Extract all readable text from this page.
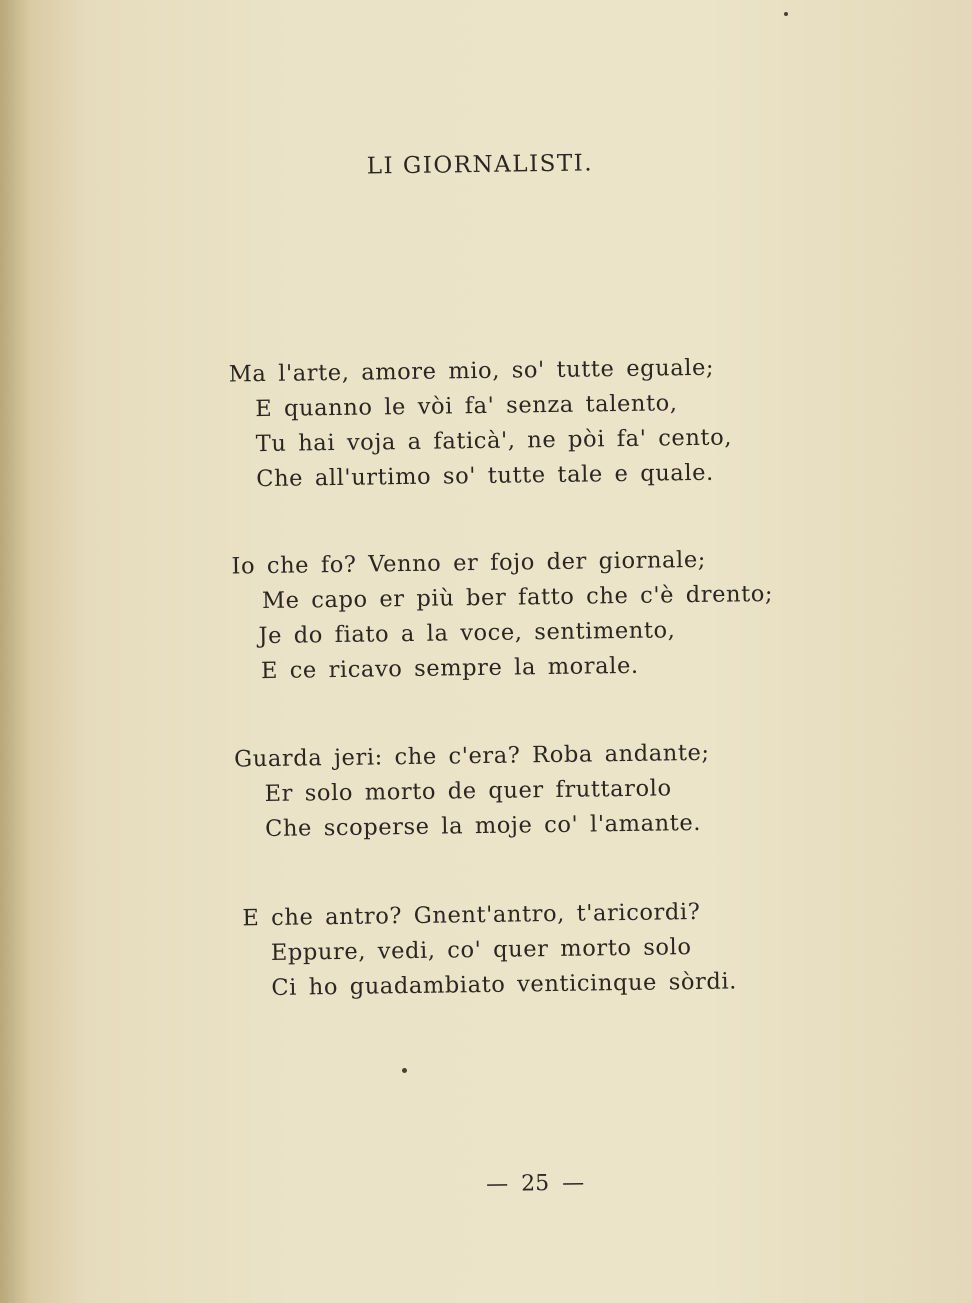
LI GIORNALISTI.
Ma l'arte, amore mio, so' tutte eguale;
E quanno le vòi fa' senza talento,
Tu hai voja a faticà', ne pòi fa' cento,
Che all'urtimo so' tutte tale e quale.
Io che fo? Venno er fojo der giornale;
Me capo er più ber fatto che c'è drento;
Je do fiato a la voce, sentimento,
E ce ricavo sempre la morale.
Guarda jeri: che c'era? Roba andante;
Er solo morto de quer fruttarolo
Che scoperse la moje co' l'amante.
E che antro? Gnent'antro, t'aricordi?
Eppure, vedi, co' quer morto solo
Ci ho guadambiato venticinque sòrdi.
— 25 —
